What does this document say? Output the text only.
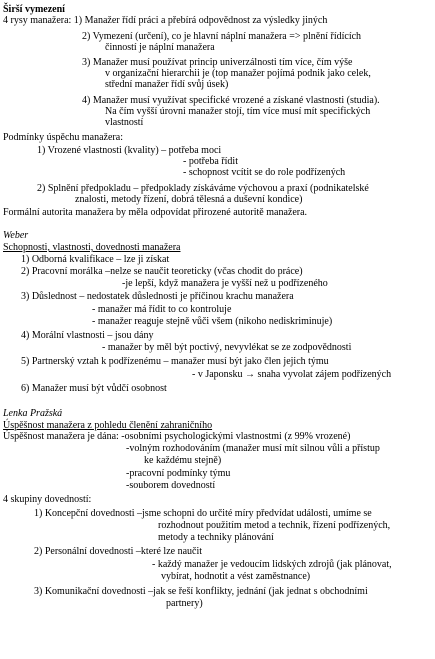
Širší vymezení
4 rysy manažera: 1) Manažer řídí práci a přebírá odpovědnost za výsledky jiných
2) Vymezení (určení), co je hlavní náplní manažera => plnění řídících
činností je náplní manažera
3) Manažer musí používat princip univerzálnosti tím více, čím výše
v organizační hierarchii je (top manažer pojímá podnik jako celek,
střední manažer řídí svůj úsek)
4) Manažer musí využívat specifické vrozené a získané vlastnosti (studia).
Na čím vyšší úrovni manažer stojí, tím více musí mít specifických
vlastností
Podmínky úspěchu manažera:
1) Vrozené vlastnosti (kvality) – potřeba moci
- potřeba řídit
- schopnost vcítit se do role podřízených
2) Splnění předpokladu – předpoklady získáváme výchovou a praxí (podnikatelské
znalosti, metody řízení, dobrá tělesná a duševní kondice)
Formální autorita manažera by měla odpovídat přirozené autoritě manažera.
Weber
Schopnosti, vlastnosti, dovednosti manažera
1) Odborná kvalifikace – lze ji získat
2) Pracovní morálka –nelze se naučit teoreticky (včas chodit do práce)
-je lepší, když manažera je vyšší než u podřízeného
3) Důslednost – nedostatek důslednosti je příčinou krachu manažera
- manažer má řídit to co kontroluje
- manažer reaguje stejně vůči všem (nikoho nediskriminuje)
4) Morální vlastnosti – jsou dány
- manažer by měl být poctivý, nevyvlékat se ze zodpovědnosti
5) Partnerský vztah k podřízenému – manažer musí být jako člen jejich týmu
- v Japonsku → snaha vyvolat zájem podřízených
6) Manažer musí být vůdčí osobnost
Lenka Pražská
Úspěšnost manažera z pohledu členění zahraničního
Úspěšnost manažera je dána: -osobními psychologickými vlastnostmi (z 99% vrozené)
-volným rozhodováním (manažer musí mít silnou vůli a přístup
ke každému stejně)
-pracovní podmínky týmu
-souborem dovedností
4 skupiny dovedností:
1) Koncepční dovednosti –jsme schopni do určité míry předvídat události, umíme se
rozhodnout použitím metod a technik, řízení podřízených,
metody a techniky plánování
2) Personální dovednosti –které lze naučit
- každý manažer je vedoucím lidských zdrojů (jak plánovat,
vybírat, hodnotit a vést zaměstnance)
3) Komunikační dovednosti –jak se řeší konflikty, jednání (jak jednat s obchodními
partnery)
